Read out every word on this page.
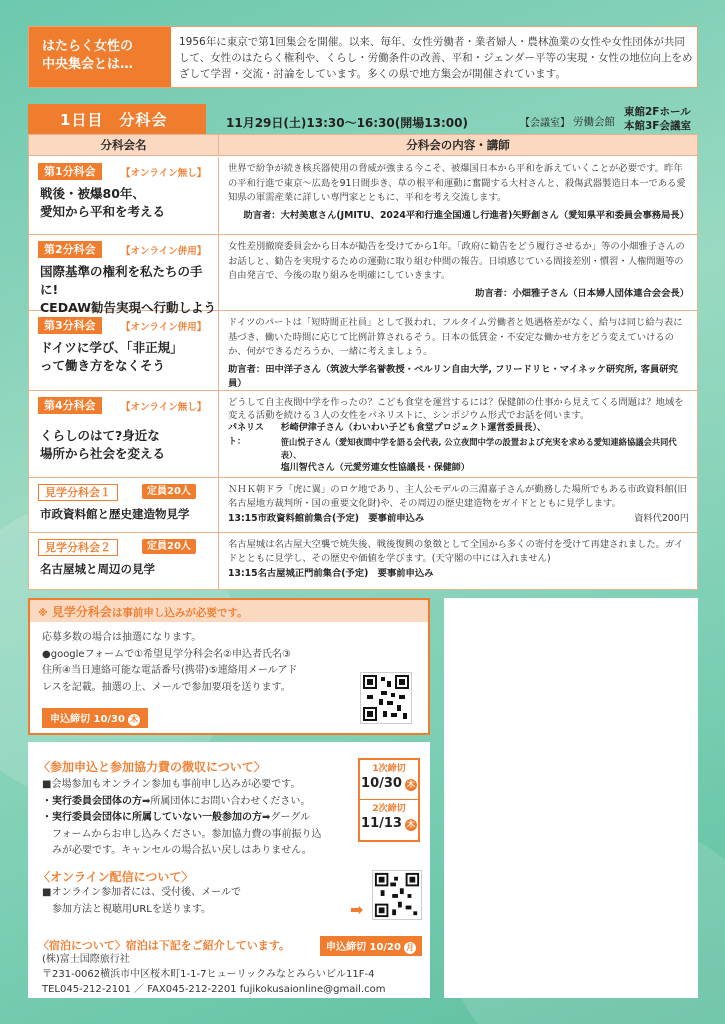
はたらく女性の
中央集会とは…
1956年に東京で第1回集会を開催。以来、毎年、女性労働者・業者婦人・農林漁業の女性や女性団体が共同して、女性のはたらく権利や、くらし・労働条件の改善、平和・ジェンダー平等の実現・女性の地位向上をめざして学習・交流・討論をしています。多くの県で地方集会が開催されています。
1日目　分科会	11月29日(土)13:30〜16:30(開場13:00)	【会議室】 労働会館
東館2Fホール
本館3F会議室
分科会名	分科会の内容・講師
第1分科会	【オンライン無し】
戦後・被爆80年、
愛知から平和を考える
世界で紛争が続き核兵器使用の脅威が強まる今こそ、被爆国日本から平和を訴えていくことが必要です。昨年の平和行進で東京〜広島を91日間歩き、草の根平和運動に奮闘する大村さんと、殺傷武器製造日本一である愛知県の軍需産業に詳しい専門家とともに、平和を考え交流します。
助言者：大村美恵さん(JMITU、2024平和行進全国通し行進者)矢野創さん（愛知県平和委員会事務局長）
第2分科会	【オンライン併用】
国際基準の権利を私たちの手に!
CEDAW勧告実現へ行動しよう
女性差別撤廃委員会から日本が勧告を受けてから1年。「政府に勧告をどう履行させるか」等の小畑雅子さんのお話しと、勧告を実現するための運動に取り組む仲間の報告。日頃感じている間接差別・慣習・人権問題等の自由発言で、今後の取り組みを明確にしていきます。
助言者：小畑雅子さん（日本婦人団体連合会会長）
第3分科会	【オンライン併用】
ドイツに学び、「非正規」
って働き方をなくそう
ドイツのパートは「短時間正社員」として扱われ、フルタイム労働者と処遇格差がなく、給与は同じ給与表に基づき、働いた時間に応じて比例計算されるそう。日本の低賃金・不安定な働かせ方をどう変えていけるのか、何ができるだろうか、一緒に考えましょう。
助言者：田中洋子さん（筑波大学名誉教授・ベルリン自由大学, フリードリヒ・マイネッケ研究所, 客員研究員）
第4分科会	【オンライン無し】
くらしのはて?身近な
場所から社会を変える
どうして自主夜間中学を作ったの？こども食堂を運営するには？保健師の仕事から見えてくる問題は？地域を変える活動を続ける３人の女性をパネリストに、シンポジウム形式でお話を伺います。
パネリスト：
杉崎伊津子さん（わいわい子ども食堂プロジェクト運営委員長）、
笹山悦子さん（愛知夜間中学を語る会代表, 公立夜間中学の設置および充実を求める愛知連絡協議会共同代表）、
塩川智代さん（元愛労連女性協議長・保健師）
見学分科会１	定員20人
市政資料館と歴史建造物見学
ＮＨＫ朝ドラ「虎に翼」のロケ地であり、主人公モデルの三淵嘉子さんが勤務した場所でもある市政資料館(旧名古屋地方裁判所・国の重要文化財)や、その周辺の歴史建造物をガイドとともに見学します。
13:15市政資料館前集合(予定)　要事前申込み	資料代200円
見学分科会２	定員20人
名古屋城と周辺の見学
名古屋城は名古屋大空襲で焼失後、戦後復興の象徴として全国から多くの寄付を受けて再建されました。ガイドとともに見学し、その歴史や価値を学びます。(天守閣の中には入れません)
13:15名古屋城正門前集合(予定)　要事前申込み
※ 見学分科会は事前申し込みが必要です。
応募多数の場合は抽選になります。
●googleフォームで①希望見学分科会名②申込者氏名③
住所④当日連絡可能な電話番号(携帯)⑤連絡用メールアド
レスを記載。抽選の上、メールで参加要項を送ります。
申込締切 10/30 木
〈参加申込と参加協力費の徴収について〉
■会場参加もオンライン参加も事前申し込みが必要です。
・実行委員会団体の方➡所属団体にお問い合わせください。
・実行委員会団体に所属していない一般参加の方➡グーグル
フォームからお申し込みください。参加協力費の事前振り込
みが必要です。キャンセルの場合払い戻しはありません。
1次締切
10/30 木
2次締切
11/13 木
〈オンライン配信について〉
■オンライン参加者には、受付後、メールで
参加方法と視聴用URLを送ります。	➡
〈宿泊について〉宿泊は下記をご紹介しています。	申込締切 10/20 月
(株)富士国際旅行社
〒231-0062横浜市中区桜木町1-1-7ヒューリックみなとみらいビル11F-4
TEL045-212-2101 ／ FAX045-212-2201 fujikokusaionline@gmail.com
